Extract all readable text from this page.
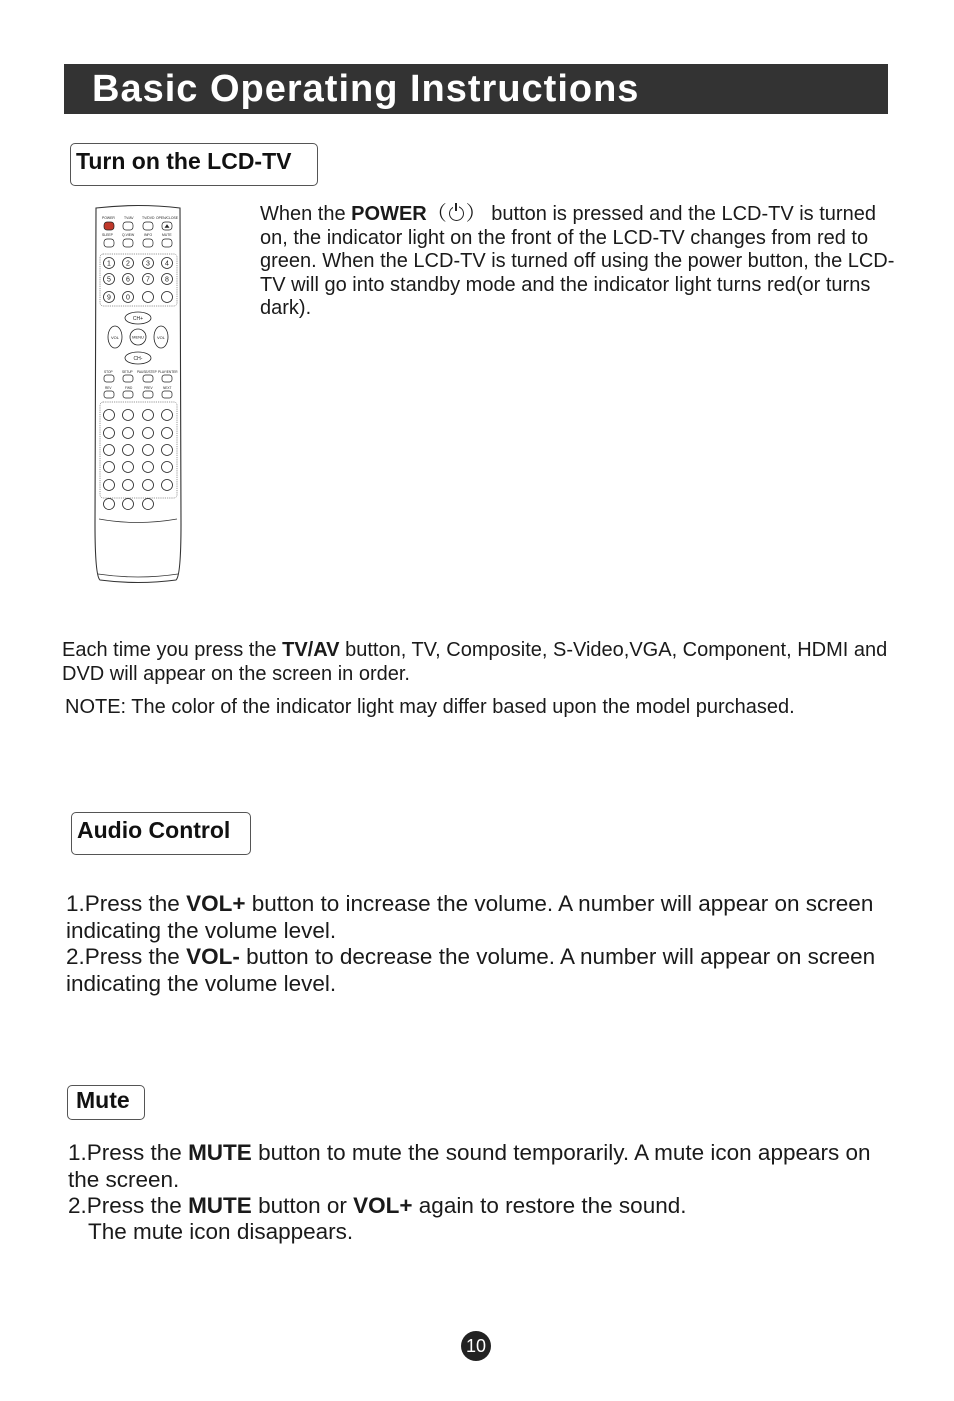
Basic Operating Instructions
Turn on the LCD-TV
POWER	TV/AV TV/DVD OPEN/CLOSE
SLEEP	Q.VIEW	INFO	MUTE
1 2 3 4
5 6 7 8
9 0
CH+
VOL	VOL
MENU
CH-
STOP	SETUP PAUSE/STEP PLAY/ENTER
REV	FWD	PREV	NEXT

When the POWER（ ） button is pressed and the LCD-TV is turned on, the indicator light on the front of the LCD-TV changes from red to green. When the LCD-TV is turned off using the power button, the LCD-TV will go into standby mode and the indicator light turns red(or turns dark).

Each time you press the TV/AV button, TV, Composite, S-Video,VGA, Component, HDMI and DVD will appear on the screen in order.

NOTE: The color of the indicator light may differ based upon the model purchased.

Audio Control

1.Press the VOL+ button to increase the volume. A number will appear on screen indicating the volume level.

2.Press the VOL- button to decrease the volume. A number will appear on screen indicating the volume level.

Mute

1.Press the MUTE button to mute the sound temporarily. A mute icon appears on the screen.

2.Press the MUTE button or VOL+ again to restore the sound.

The mute icon disappears.

10
